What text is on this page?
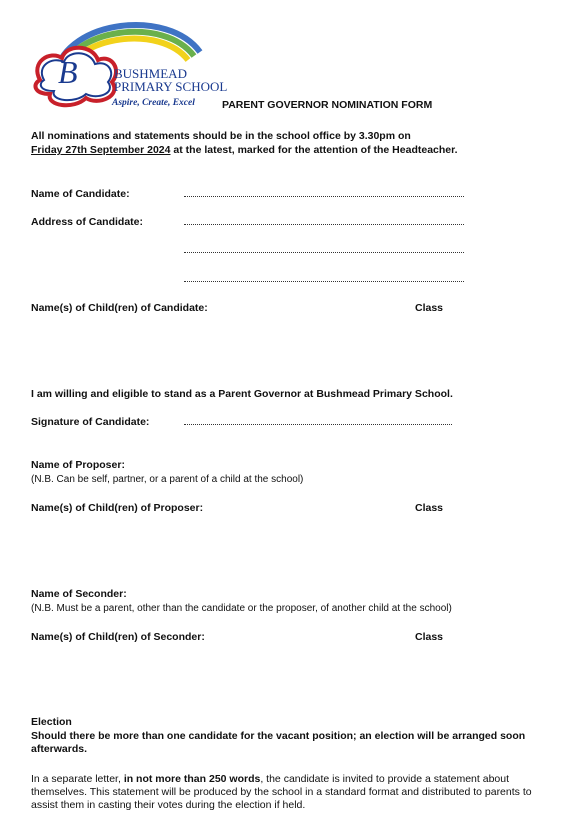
B	BUSHMEAD
PRIMARY SCHOOL
Aspire, Create, Excel	PARENT GOVERNOR NOMINATION FORM
All nominations and statements should be in the school office by 3.30pm on
Friday 27th September 2024 at the latest, marked for the attention of the Headteacher.
Name of Candidate:
Address of Candidate:
Name(s) of Child(ren) of Candidate:	Class
I am willing and eligible to stand as a Parent Governor at Bushmead Primary School.
Signature of Candidate:
Name of Proposer:
(N.B. Can be self, partner, or a parent of a child at the school)
Name(s) of Child(ren) of Proposer:	Class
Name of Seconder:
(N.B. Must be a parent, other than the candidate or the proposer, of another child at the school)
Name(s) of Child(ren) of Seconder:	Class
Election
Should there be more than one candidate for the vacant position; an election will be arranged soon afterwards.
In a separate letter, in not more than 250 words, the candidate is invited to provide a statement about themselves. This statement will be produced by the school in a standard format and distributed to parents to assist them in casting their votes during the election if held.
